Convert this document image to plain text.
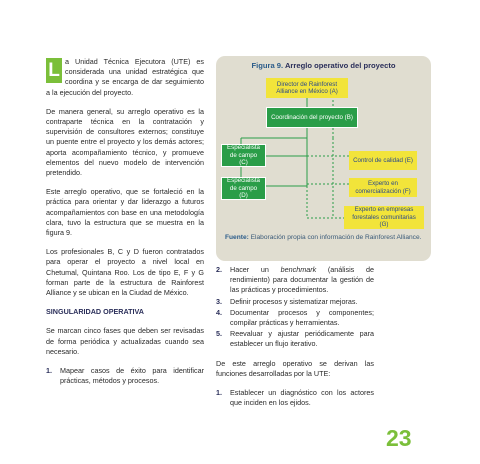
L a Unidad Técnica Ejecutora (UTE) es considerada una unidad estratégica que coordina y se encarga de dar seguimiento a la ejecución del proyecto.

De manera general, su arreglo operativo es la contraparte técnica en la contratación y supervisión de consultores externos; constituye un puente entre el proyecto y los demás actores; aporta acompañamiento técnico, y promueve elementos del nuevo modelo de intervención pretendido.

Este arreglo operativo, que se fortaleció en la práctica para orientar y dar liderazgo a futuros acompañamientos con base en una metodología clara, tuvo la estructura que se muestra en la figura 9.

Los profesionales B, C y D fueron contratados para operar el proyecto a nivel local en Chetumal, Quintana Roo. Los de tipo E, F y G forman parte de la estructura de Rainforest Alliance y se ubican en la Ciudad de México.

SINGULARIDAD OPERATIVA

Se marcan cinco fases que deben ser revisadas de forma periódica y actualizadas cuando sea necesario.

1.	Mapear casos de éxito para identificar prácticas, métodos y procesos.
Figura 9. Arreglo operativo del proyecto
Director de Rainforest Alliance en México (A)
Coordinación del proyecto (B)
Especialista de campo (C)
Especialista de campo (D)
Control de calidad (E)
Experto en comercialización (F)
Experto en empresas forestales comunitarias (G)
Fuente: Elaboración propia con información de Rainforest Alliance.
2.	Hacer un benchmark (análisis de rendimiento) para documentar la gestión de las prácticas y procedimientos.
3.	Definir procesos y sistematizar mejoras.
4.	Documentar procesos y componentes; compilar prácticas y herramientas.
5.	Reevaluar y ajustar periódicamente para establecer un flujo iterativo.

De este arreglo operativo se derivan las funciones desarrolladas por la UTE:

1.	Establecer un diagnóstico con los actores que inciden en los ejidos.
23
